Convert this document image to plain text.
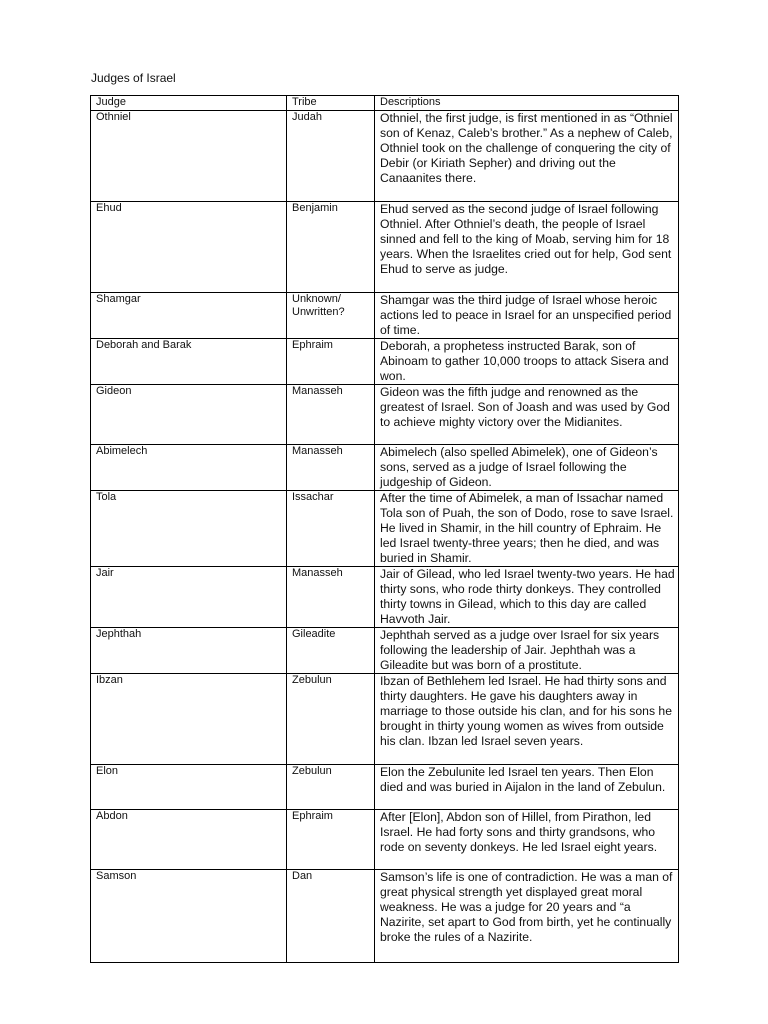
Judges of Israel
Judge	Tribe	Descriptions
Othniel	Judah	Othniel, the first judge, is first mentioned in as “Othniel son of Kenaz, Caleb’s brother.” As a nephew of Caleb, Othniel took on the challenge of conquering the city of Debir (or Kiriath Sepher) and driving out the Canaanites there.
Ehud	Benjamin	Ehud served as the second judge of Israel following Othniel. After Othniel’s death, the people of Israel sinned and fell to the king of Moab, serving him for 18 years. When the Israelites cried out for help, God sent Ehud to serve as judge.
Shamgar	Unknown/ Unwritten?	Shamgar was the third judge of Israel whose heroic actions led to peace in Israel for an unspecified period of time.
Deborah and Barak	Ephraim	Deborah, a prophetess instructed Barak, son of Abinoam to gather 10,000 troops to attack Sisera and won.
Gideon	Manasseh	Gideon was the fifth judge and renowned as the greatest of Israel. Son of Joash and was used by God to achieve mighty victory over the Midianites.
Abimelech	Manasseh	Abimelech (also spelled Abimelek), one of Gideon’s sons, served as a judge of Israel following the judgeship of Gideon.
Tola	Issachar	After the time of Abimelek, a man of Issachar named Tola son of Puah, the son of Dodo, rose to save Israel. He lived in Shamir, in the hill country of Ephraim. He led Israel twenty-three years; then he died, and was buried in Shamir.
Jair	Manasseh	Jair of Gilead, who led Israel twenty-two years. He had thirty sons, who rode thirty donkeys. They controlled thirty towns in Gilead, which to this day are called Havvoth Jair.
Jephthah	Gileadite	Jephthah served as a judge over Israel for six years following the leadership of Jair. Jephthah was a Gileadite but was born of a prostitute.
Ibzan	Zebulun	Ibzan of Bethlehem led Israel. He had thirty sons and thirty daughters. He gave his daughters away in marriage to those outside his clan, and for his sons he brought in thirty young women as wives from outside his clan. Ibzan led Israel seven years.
Elon	Zebulun	Elon the Zebulunite led Israel ten years. Then Elon died and was buried in Aijalon in the land of Zebulun.
Abdon	Ephraim	After [Elon], Abdon son of Hillel, from Pirathon, led Israel. He had forty sons and thirty grandsons, who rode on seventy donkeys. He led Israel eight years.
Samson	Dan	Samson’s life is one of contradiction. He was a man of great physical strength yet displayed great moral weakness. He was a judge for 20 years and “a Nazirite, set apart to God from birth, yet he continually broke the rules of a Nazirite.
